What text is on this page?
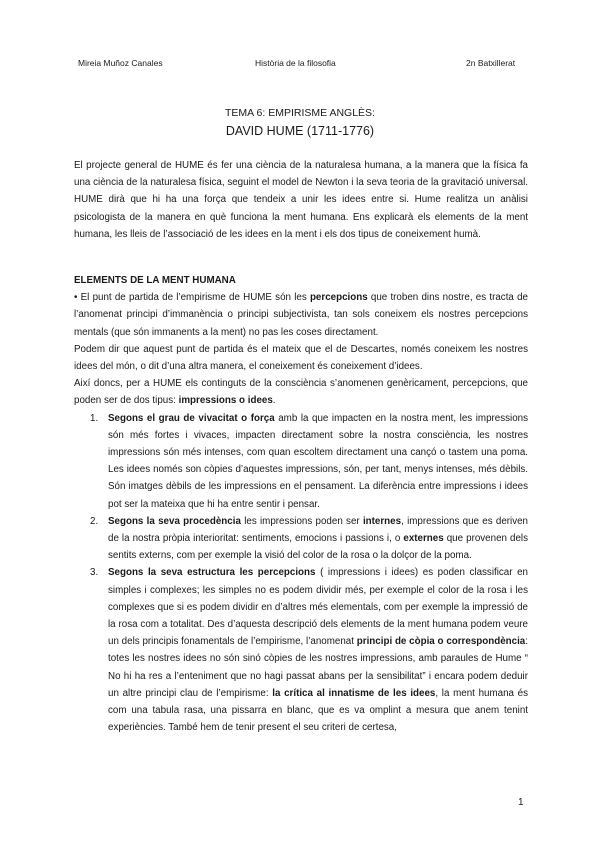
Mireia Muñoz Canales	Història de la filosofia	2n Batxillerat

TEMA 6: EMPIRISME ANGLÈS:

DAVID HUME (1711-1776)

El projecte general de HUME és fer una ciència de la naturalesa humana, a la manera que la física fa una ciència de la naturalesa física, seguint el model de Newton i la seva teoria de la gravitació universal. HUME dirà que hi ha una força que tendeix a unir les idees entre si. Hume realitza un anàlisi psicologista de la manera en què funciona la ment humana. Ens explicarà els elements de la ment humana, les lleis de l’associació de les idees en la ment i els dos tipus de coneixement humà.

ELEMENTS DE LA MENT HUMANA

• El punt de partida de l’empirisme de HUME són les percepcions que troben dins nostre, es tracta de l’anomenat principi d’immanència o principi subjectivista, tan sols coneixem els nostres percepcions mentals (que són immanents a la ment) no pas les coses directament.

Podem dir que aquest punt de partida és el mateix que el de Descartes, només coneixem les nostres idees del món, o dit d’una altra manera, el coneixement és coneixement d’idees.

Així doncs, per a HUME els continguts de la consciència s’anomenen genèricament, percepcions, que poden ser de dos tipus: impressions o idees.

1. Segons el grau de vivacitat o força amb la que impacten en la nostra ment, les impressions són més fortes i vivaces, impacten directament sobre la nostra consciència, les nostres impressions són més intenses, com quan escoltem directament una cançó o tastem una poma. Les idees només son còpies d’aquestes impressions, són, per tant, menys intenses, més dèbils. Són imatges dèbils de les impressions en el pensament. La diferència entre impressions i idees pot ser la mateixa que hi ha entre sentir i pensar.
2. Segons la seva procedència les impressions poden ser internes, impressions que es deriven de la nostra pròpia interioritat: sentiments, emocions i passions i, o externes que provenen dels sentits externs, com per exemple la visió del color de la rosa o la dolçor de la poma.
3. Segons la seva estructura les percepcions ( impressions i idees) es poden classificar en simples i complexes; les simples no es podem dividir més, per exemple el color de la rosa i les complexes que si es podem dividir en d’altres més elementals, com per exemple la impressió de la rosa com a totalitat. Des d’aquesta descripció dels elements de la ment humana podem veure un dels principis fonamentals de l’empirisme, l’anomenat principi de còpia o correspondència: totes les nostres idees no són sinó còpies de les nostres impressions, amb paraules de Hume “ No hi ha res a l’enteniment que no hagi passat abans per la sensibilitat” i encara podem deduir un altre principi clau de l’empirisme: la crítica al innatisme de les idees, la ment humana és com una tabula rasa, una pissarra en blanc, que es va omplint a mesura que anem tenint experiències. També hem de tenir present el seu criteri de certesa,
1
